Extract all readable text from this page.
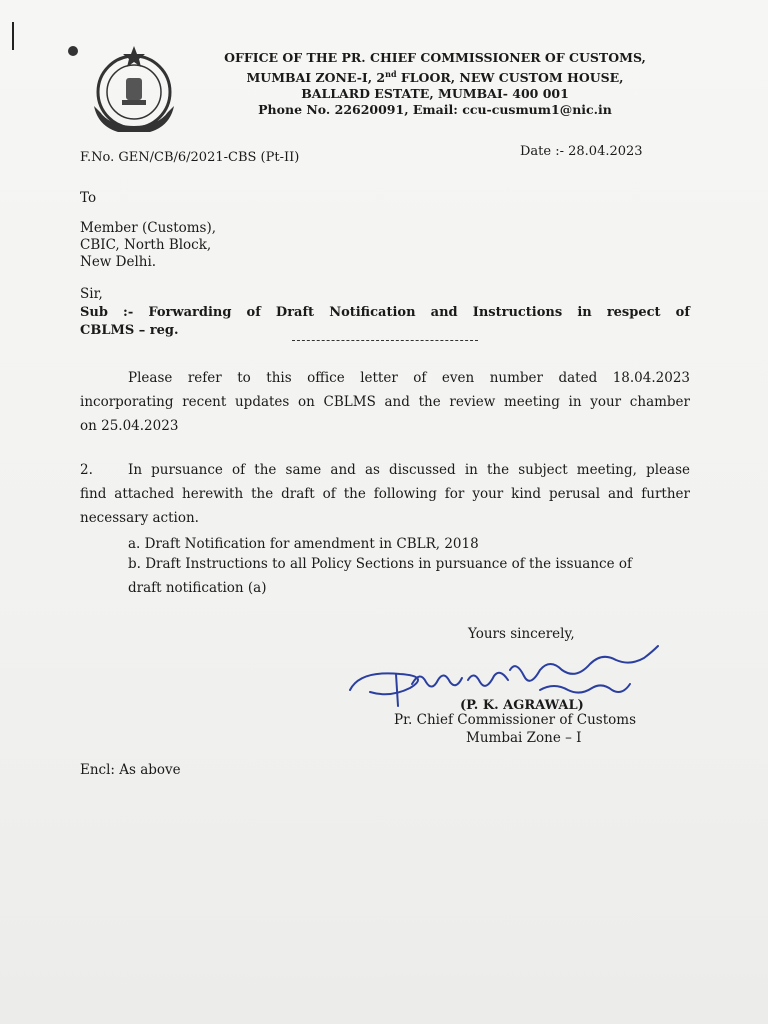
OFFICE OF THE PR. CHIEF COMMISSIONER OF CUSTOMS,
MUMBAI ZONE-I, 2nd FLOOR, NEW CUSTOM HOUSE,
BALLARD ESTATE, MUMBAI- 400 001
Phone No. 22620091, Email: ccu-cusmum1@nic.in
F.No. GEN/CB/6/2021-CBS (Pt-II)	Date :- 28.04.2023
To
Member (Customs),
CBIC, North Block,
New Delhi.
Sir,
Sub :- Forwarding of Draft Notification and Instructions in respect of
CBLMS – reg.
Please refer to this office letter of even number dated 18.04.2023
incorporating recent updates on CBLMS and the review meeting in your chamber
on 25.04.2023
2.	In pursuance of the same and as discussed in the subject meeting, please
find attached herewith the draft of the following for your kind perusal and further
necessary action.
a. Draft Notification for amendment in CBLR, 2018
b. Draft Instructions to all Policy Sections in pursuance of the issuance of
draft notification (a)
Yours sincerely,
(P. K. AGRAWAL)
Pr. Chief Commissioner of Customs
Mumbai Zone – I
Encl: As above
